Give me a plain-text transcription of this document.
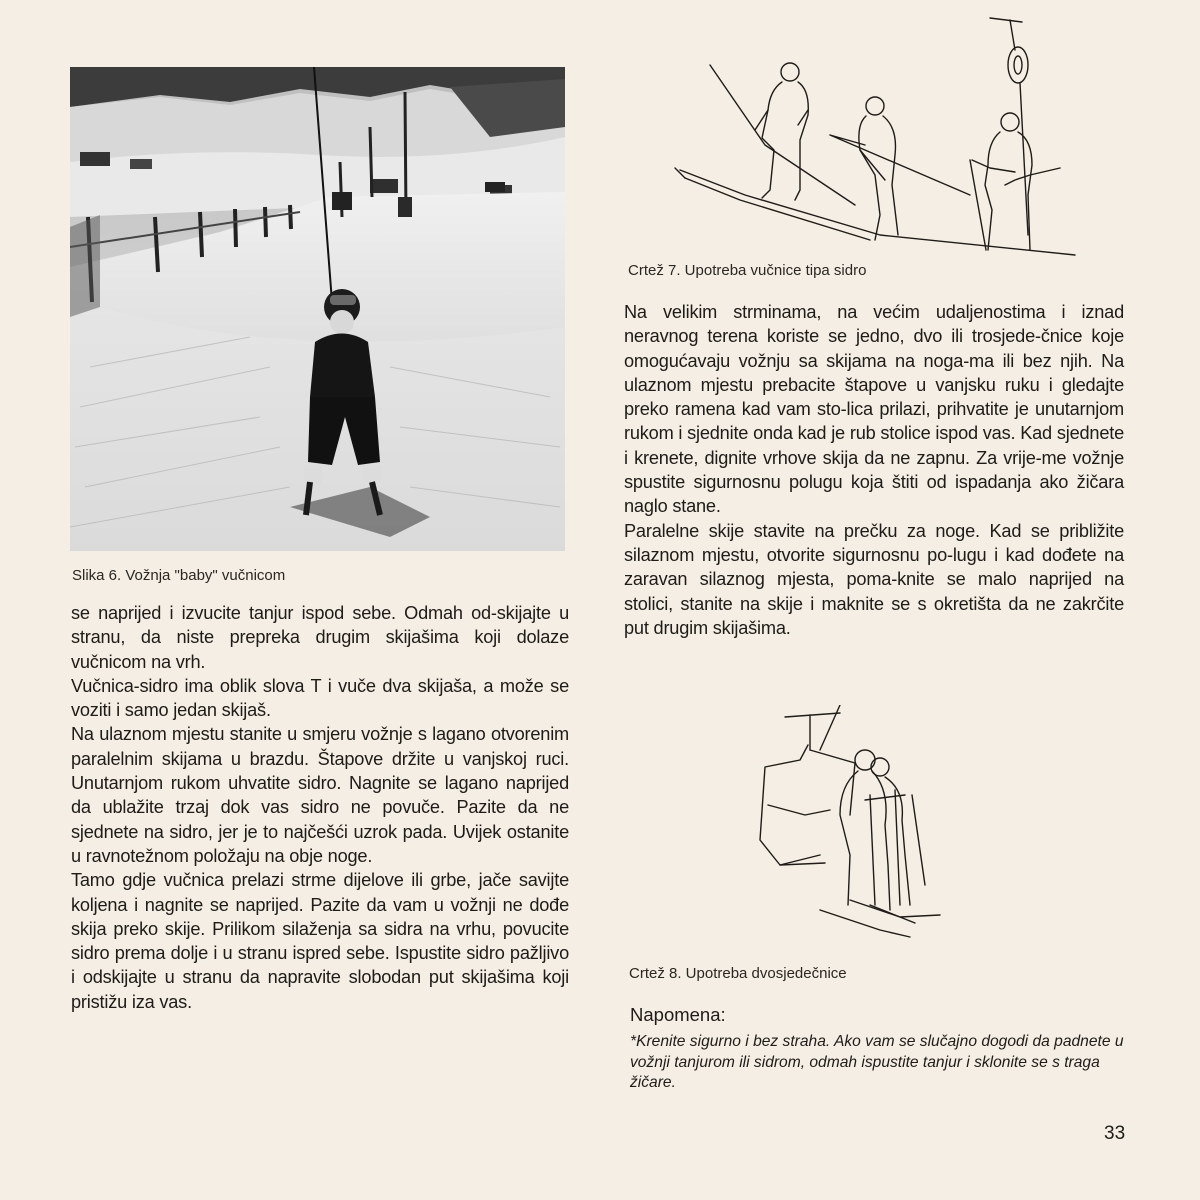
Slika 6. Vožnja "baby" vučnicom
Crtež 7. Upotreba vučnice tipa sidro

se naprijed i izvucite tanjur ispod sebe. Odmah od-skijajte u stranu, da niste prepreka drugim skijašima koji dolaze vučnicom na vrh.

Vučnica-sidro ima oblik slova T i vuče dva skijaša, a može se voziti i samo jedan skijaš.

Na ulaznom mjestu stanite u smjeru vožnje s lagano otvorenim paralelnim skijama u brazdu. Štapove držite u vanjskoj ruci. Unutarnjom rukom uhvatite sidro. Nagnite se lagano naprijed da ublažite trzaj dok vas sidro ne povuče. Pazite da ne sjednete na sidro, jer je to najčešći uzrok pada. Uvijek ostanite u ravnotežnom položaju na obje noge.

Tamo gdje vučnica prelazi strme dijelove ili grbe, jače savijte koljena i nagnite se naprijed. Pazite da vam u vožnji ne dođe skija preko skije. Prilikom silaženja sa sidra na vrhu, povucite sidro prema dolje i u stranu ispred sebe. Ispustite sidro pažljivo i odskijajte u stranu da napravite slobodan put skijašima koji pristižu iza vas.

Na velikim strminama, na većim udaljenostima i iznad neravnog terena koriste se jedno, dvo ili trosjede-čnice koje omogućavaju vožnju sa skijama na noga-ma ili bez njih. Na ulaznom mjestu prebacite štapove u vanjsku ruku i gledajte preko ramena kad vam sto-lica prilazi, prihvatite je unutarnjom rukom i sjednite onda kad je rub stolice ispod vas. Kad sjednete i krenete, dignite vrhove skija da ne zapnu. Za vrije-me vožnje spustite sigurnosnu polugu koja štiti od ispadanja ako žičara naglo stane.

Paralelne skije stavite na prečku za noge. Kad se približite silaznom mjestu, otvorite sigurnosnu po-lugu i kad dođete na zaravan silaznog mjesta, poma-knite se malo naprijed na stolici, stanite na skije i maknite se s okretišta da ne zakrčite put drugim skijašima.

Crtež 8. Upotreba dvosjedečnice
Napomena:

*Krenite sigurno i bez straha. Ako vam se slučajno dogodi da padnete u vožnji tanjurom ili sidrom, odmah ispustite tanjur i sklonite se s traga žičare.

33
